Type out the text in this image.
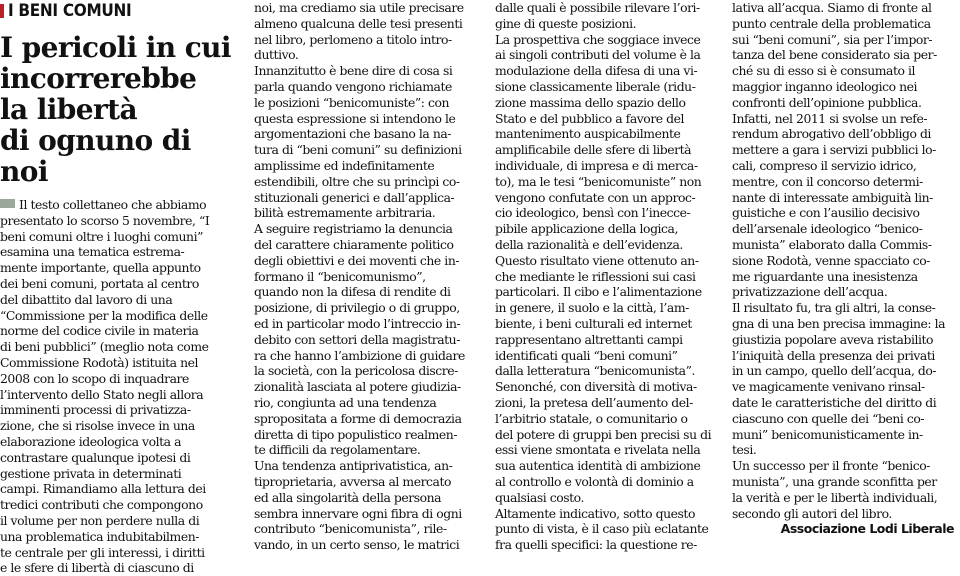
I BENI COMUNI
I pericoli in cui
incorrerebbe
la libertà
di ognuno di noi

Il testo collettaneo che abbiamo

presentato lo scorso 5 novembre, “I

beni comuni oltre i luoghi comuni”

esamina una tematica estrema-

mente importante, quella appunto

dei beni comuni, portata al centro

del dibattito dal lavoro di una

“Commissione per la modifica delle

norme del codice civile in materia

di beni pubblici” (meglio nota come

Commissione Rodotà) istituita nel

2008 con lo scopo di inquadrare

l’intervento dello Stato negli allora

imminenti processi di privatizza-

zione, che si risolse invece in una

elaborazione ideologica volta a

contrastare qualunque ipotesi di

gestione privata in determinati

campi. Rimandiamo alla lettura dei

tredici contributi che compongono

il volume per non perdere nulla di

una problematica indubitabilmen-

te centrale per gli interessi, i diritti

e le sfere di libertà di ciascuno di

noi, ma crediamo sia utile precisare

almeno qualcuna delle tesi presenti

nel libro, perlomeno a titolo intro-

duttivo.

Innanzitutto è bene dire di cosa si

parla quando vengono richiamate

le posizioni “benicomuniste”: con

questa espressione si intendono le

argomentazioni che basano la na-

tura di “beni comuni” su definizioni

amplissime ed indefinitamente

estendibili, oltre che su princìpi co-

stituzionali generici e dall’applica-

bilità estremamente arbitraria.

A seguire registriamo la denuncia

del carattere chiaramente politico

degli obiettivi e dei moventi che in-

formano il “benicomunismo”,

quando non la difesa di rendite di

posizione, di privilegio o di gruppo,

ed in particolar modo l’intreccio in-

debito con settori della magistratu-

ra che hanno l’ambizione di guidare

la società, con la pericolosa discre-

zionalità lasciata al potere giudizia-

rio, congiunta ad una tendenza

spropositata a forme di democrazia

diretta di tipo populistico realmen-

te difficili da regolamentare.

Una tendenza antiprivatistica, an-

tiproprietaria, avversa al mercato

ed alla singolarità della persona

sembra innervare ogni fibra di ogni

contributo “benicomunista”, rile-

vando, in un certo senso, le matrici

dalle quali è possibile rilevare l’ori-

gine di queste posizioni.

La prospettiva che soggiace invece

ai singoli contributi del volume è la

modulazione della difesa di una vi-

sione classicamente liberale (ridu-

zione massima dello spazio dello

Stato e del pubblico a favore del

mantenimento auspicabilmente

amplificabile delle sfere di libertà

individuale, di impresa e di merca-

to), ma le tesi “benicomuniste” non

vengono confutate con un approc-

cio ideologico, bensì con l’inecce-

pibile applicazione della logica,

della razionalità e dell’evidenza.

Questo risultato viene ottenuto an-

che mediante le riflessioni sui casi

particolari. Il cibo e l’alimentazione

in genere, il suolo e la città, l’am-

biente, i beni culturali ed internet

rappresentano altrettanti campi

identificati quali “beni comuni”

dalla letteratura “benicomunista”.

Senonché, con diversità di motiva-

zioni, la pretesa dell’aumento del-

l’arbitrio statale, o comunitario o

del potere di gruppi ben precisi su di

essi viene smontata e rivelata nella

sua autentica identità di ambizione

al controllo e volontà di dominio a

qualsiasi costo.

Altamente indicativo, sotto questo

punto di vista, è il caso più eclatante

fra quelli specifici: la questione re-

lativa all’acqua. Siamo di fronte al

punto centrale della problematica

sui “beni comuni”, sia per l’impor-

tanza del bene considerato sia per-

ché su di esso si è consumato il

maggior inganno ideologico nei

confronti dell’opinione pubblica.

Infatti, nel 2011 si svolse un refe-

rendum abrogativo dell’obbligo di

mettere a gara i servizi pubblici lo-

cali, compreso il servizio idrico,

mentre, con il concorso determi-

nante di interessate ambiguità lin-

guistiche e con l’ausilio decisivo

dell’arsenale ideologico “benico-

munista” elaborato dalla Commis-

sione Rodotà, venne spacciato co-

me riguardante una inesistenza

privatizzazione dell’acqua.

Il risultato fu, tra gli altri, la conse-

gna di una ben precisa immagine: la

giustizia popolare aveva ristabilito

l’iniquità della presenza dei privati

in un campo, quello dell’acqua, do-

ve magicamente venivano rinsal-

date le caratteristiche del diritto di

ciascuno con quelle dei “beni co-

muni” benicomunisticamente in-

tesi.

Un successo per il fronte “benico-

munista”, una grande sconfitta per

la verità e per le libertà individuali,

secondo gli autori del libro.

Associazione Lodi Liberale
